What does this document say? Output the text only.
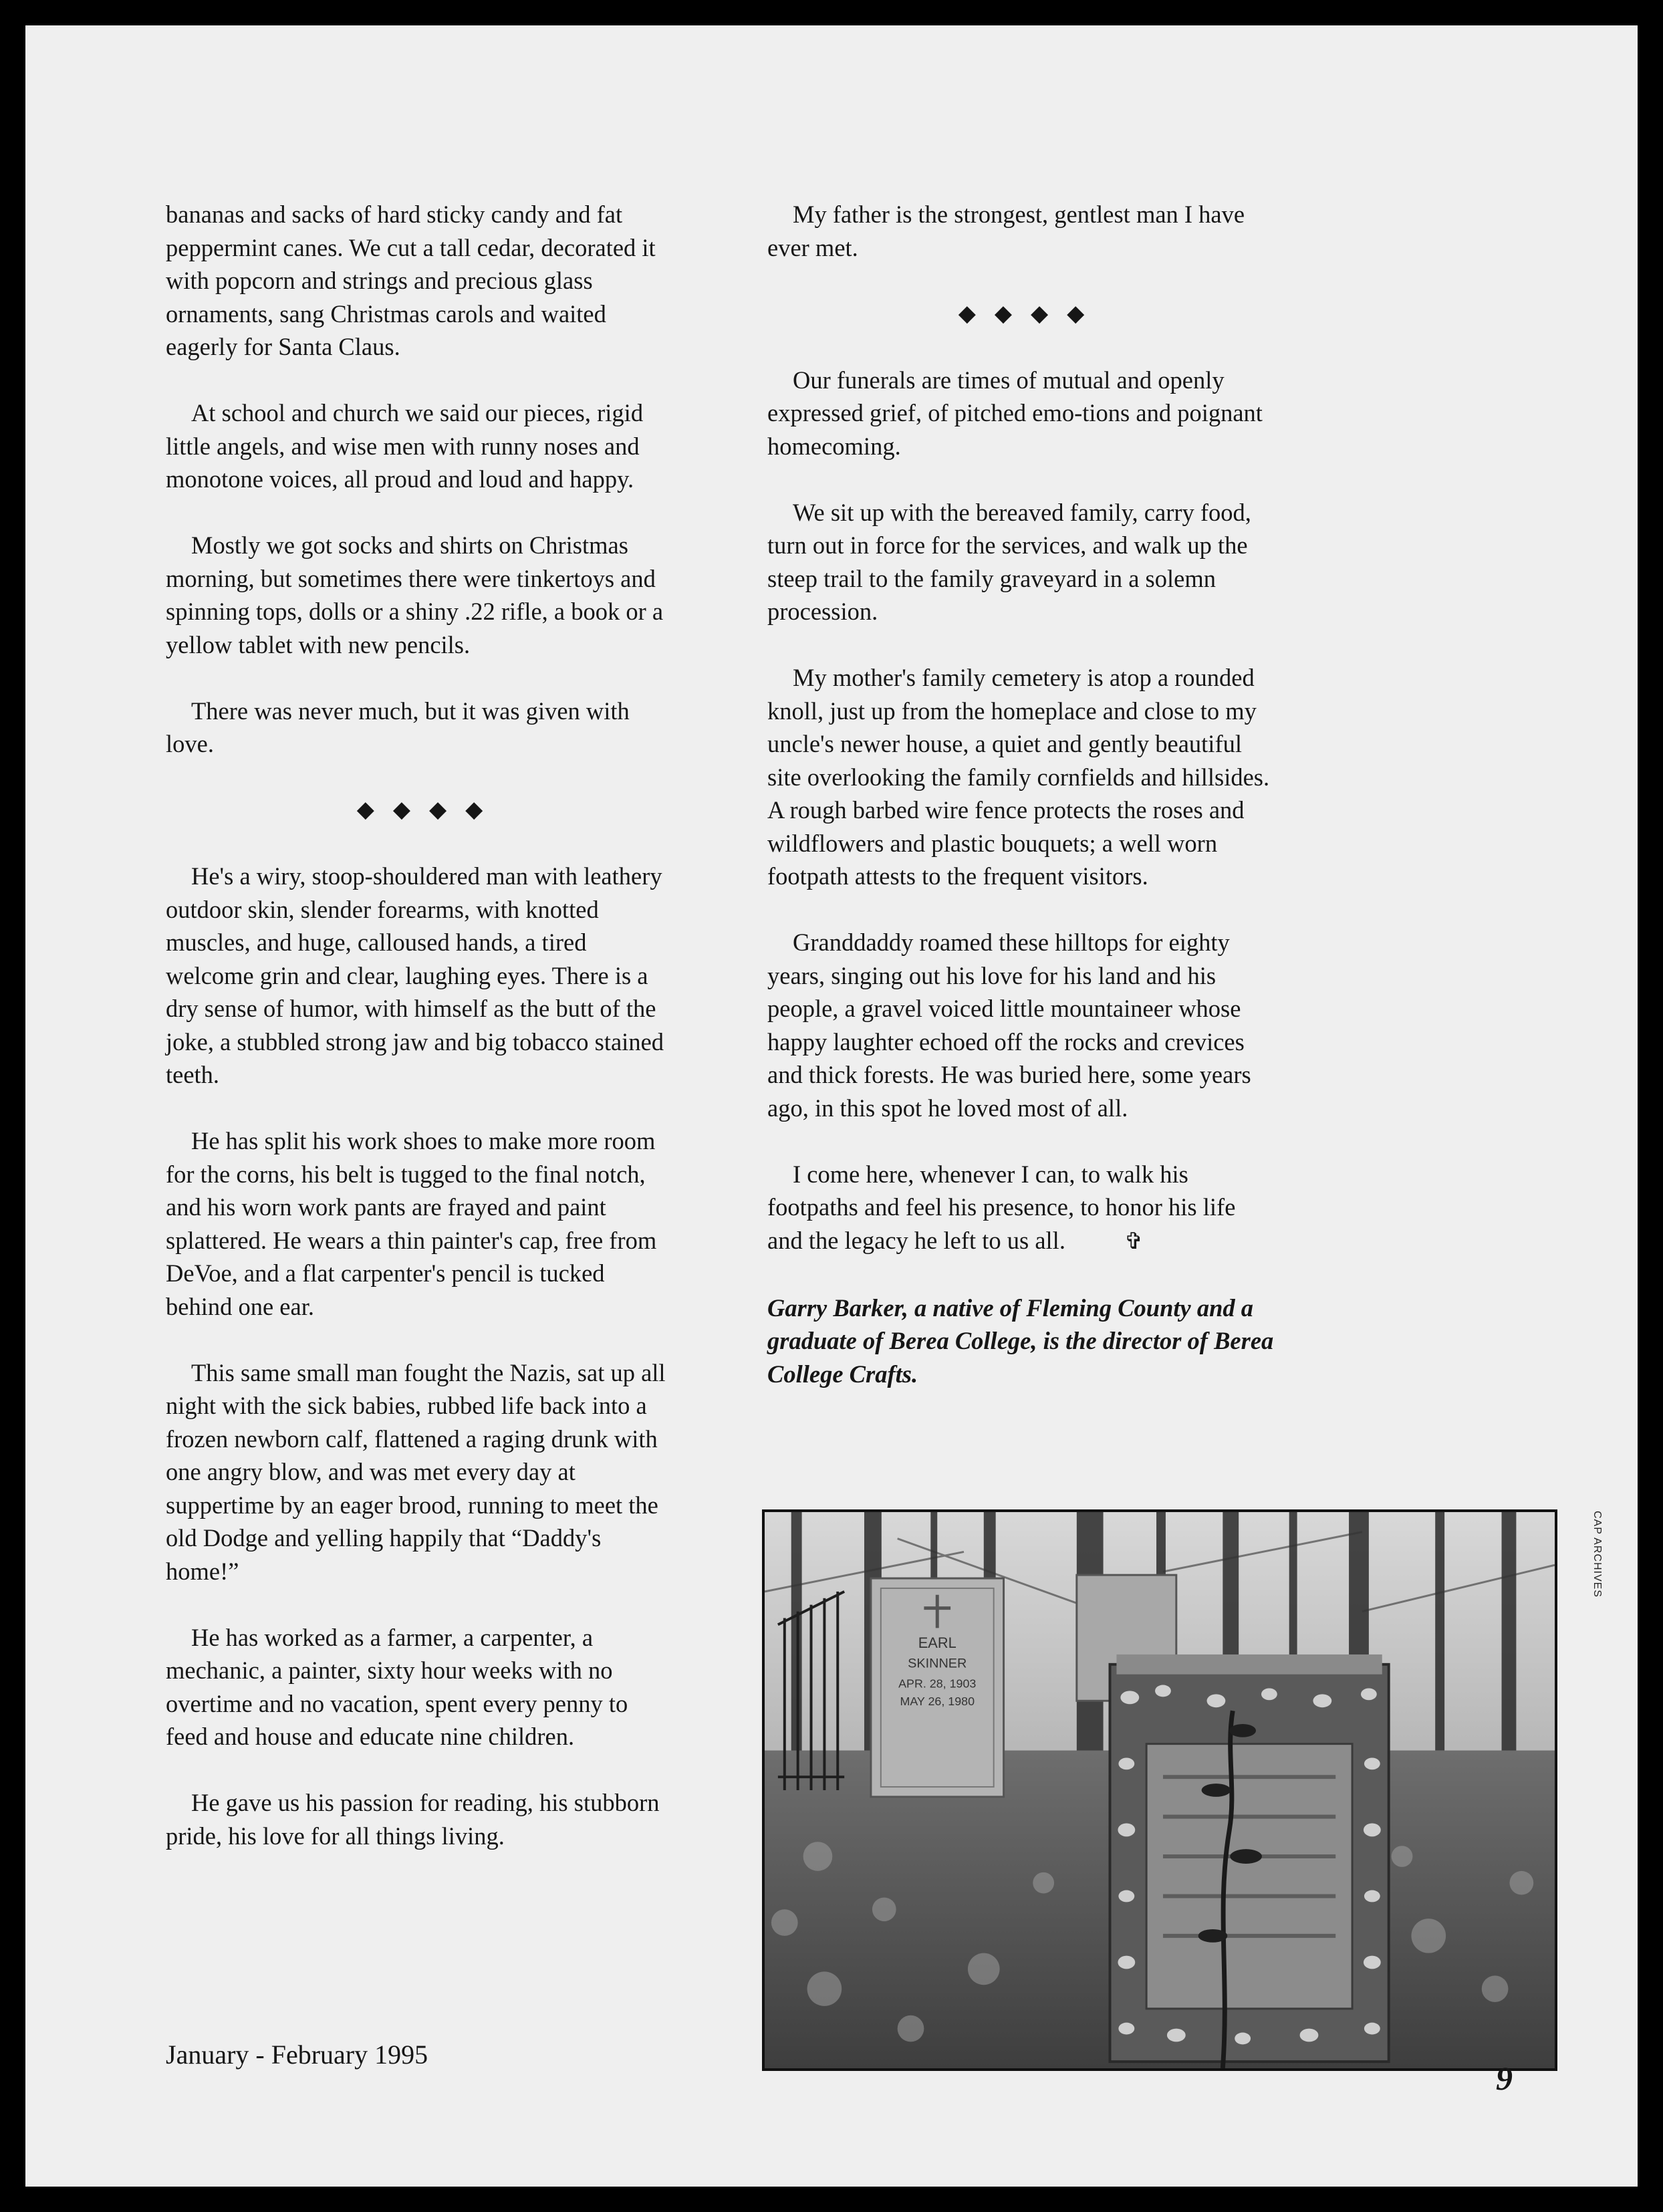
bananas and sacks of hard sticky candy and fat peppermint canes. We cut a tall cedar, decorated it with popcorn and strings and precious glass ornaments, sang Christmas carols and waited eagerly for Santa Claus.

At school and church we said our pieces, rigid little angels, and wise men with runny noses and monotone voices, all proud and loud and happy.

Mostly we got socks and shirts on Christmas morning, but sometimes there were tinkertoys and spinning tops, dolls or a shiny .22 rifle, a book or a yellow tablet with new pencils.

There was never much, but it was given with love.

◆◆◆◆

He's a wiry, stoop-shouldered man with leathery outdoor skin, slender forearms, with knotted muscles, and huge, calloused hands, a tired welcome grin and clear, laughing eyes. There is a dry sense of humor, with himself as the butt of the joke, a stubbled strong jaw and big tobacco stained teeth.

He has split his work shoes to make more room for the corns, his belt is tugged to the final notch, and his worn work pants are frayed and paint splattered. He wears a thin painter's cap, free from DeVoe, and a flat carpenter's pencil is tucked behind one ear.

This same small man fought the Nazis, sat up all night with the sick babies, rubbed life back into a frozen newborn calf, flattened a raging drunk with one angry blow, and was met every day at suppertime by an eager brood, running to meet the old Dodge and yelling happily that “Daddy's home!”

He has worked as a farmer, a carpenter, a mechanic, a painter, sixty hour weeks with no overtime and no vacation, spent every penny to feed and house and educate nine children.

He gave us his passion for reading, his stubborn pride, his love for all things living.

My father is the strongest, gentlest man I have ever met.

◆◆◆◆

Our funerals are times of mutual and openly expressed grief, of pitched emo-tions and poignant homecoming.

We sit up with the bereaved family, carry food, turn out in force for the services, and walk up the steep trail to the family graveyard in a solemn procession.

My mother's family cemetery is atop a rounded knoll, just up from the homeplace and close to my uncle's newer house, a quiet and gently beautiful site overlooking the family cornfields and hillsides. A rough barbed wire fence protects the roses and wildflowers and plastic bouquets; a well worn footpath attests to the frequent visitors.

Granddaddy roamed these hilltops for eighty years, singing out his love for his land and his people, a gravel voiced little mountaineer whose happy laughter echoed off the rocks and crevices and thick forests. He was buried here, some years ago, in this spot he loved most of all.

I come here, whenever I can, to walk his footpaths and feel his presence, to honor his life and the legacy he left to us all.	✞

Garry Barker, a native of Fleming County and a graduate of Berea College, is the director of Berea College Crafts.

EARL
SKINNER
APR. 28, 1903
MAY 26, 1980
CAP ARCHIVES
January - February 1995
9
